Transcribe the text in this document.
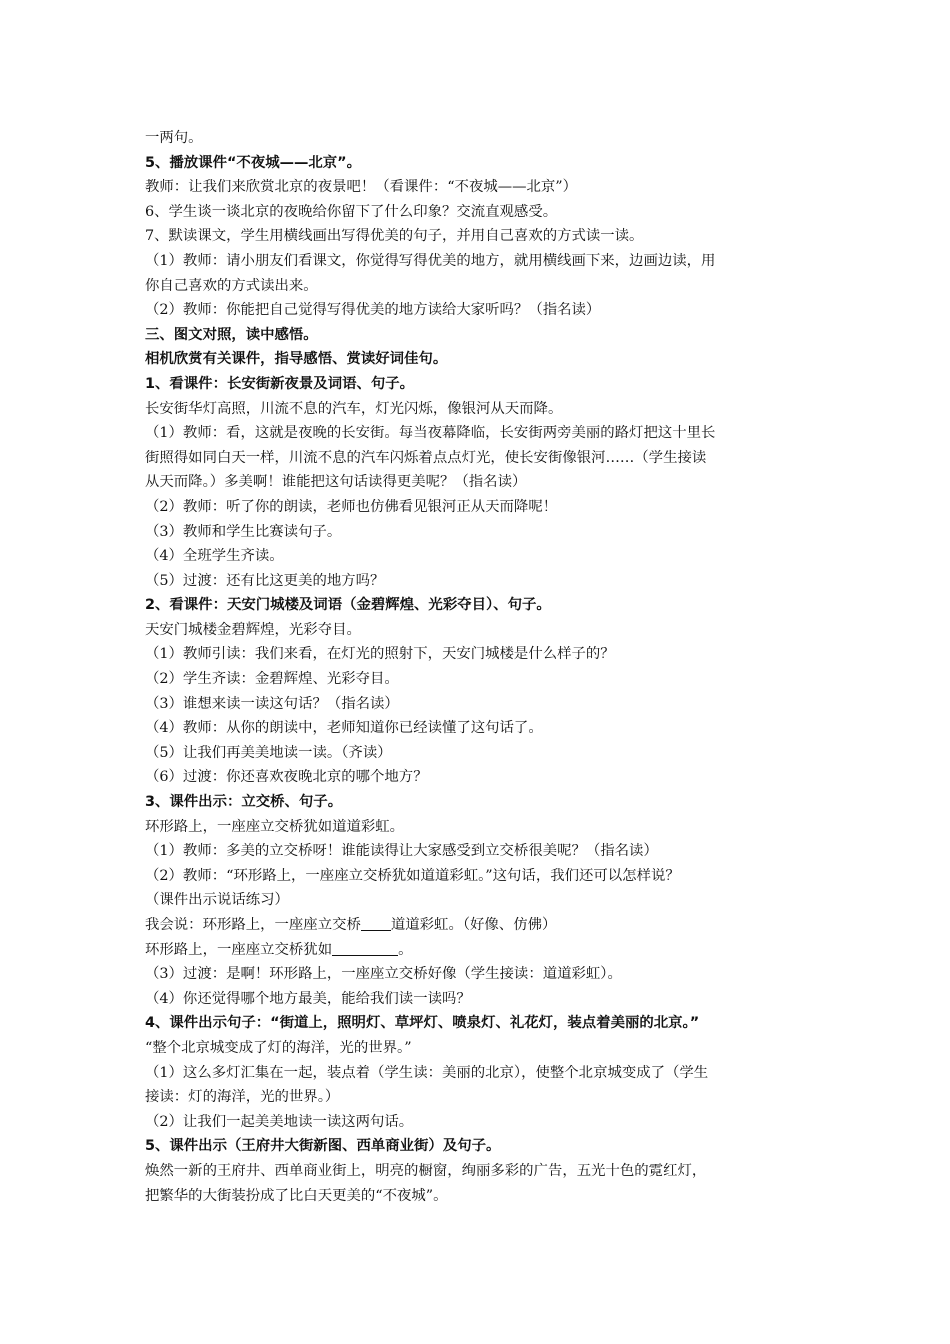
一两句。
5、播放课件“不夜城——北京”。
教师：让我们来欣赏北京的夜景吧！（看课件：“不夜城——北京”）
6、学生谈一谈北京的夜晚给你留下了什么印象？交流直观感受。
7、默读课文，学生用横线画出写得优美的句子，并用自己喜欢的方式读一读。
（1）教师：请小朋友们看课文，你觉得写得优美的地方，就用横线画下来，边画边读，用
你自己喜欢的方式读出来。
（2）教师：你能把自己觉得写得优美的地方读给大家听吗？（指名读）
三、图文对照，读中感悟。
相机欣赏有关课件，指导感悟、赏读好词佳句。
1、看课件：长安街新夜景及词语、句子。
长安街华灯高照，川流不息的汽车，灯光闪烁，像银河从天而降。
（1）教师：看，这就是夜晚的长安街。每当夜幕降临，长安街两旁美丽的路灯把这十里长
街照得如同白天一样，川流不息的汽车闪烁着点点灯光，使长安街像银河……（学生接读
从天而降。）多美啊！谁能把这句话读得更美呢？（指名读）
（2）教师：听了你的朗读，老师也仿佛看见银河正从天而降呢！
（3）教师和学生比赛读句子。
（4）全班学生齐读。
（5）过渡：还有比这更美的地方吗？
2、看课件：天安门城楼及词语（金碧辉煌、光彩夺目）、句子。
天安门城楼金碧辉煌，光彩夺目。
（1）教师引读：我们来看，在灯光的照射下，天安门城楼是什么样子的？
（2）学生齐读：金碧辉煌、光彩夺目。
（3）谁想来读一读这句话？（指名读）
（4）教师：从你的朗读中，老师知道你已经读懂了这句话了。
（5）让我们再美美地读一读。（齐读）
（6）过渡：你还喜欢夜晚北京的哪个地方？
3、课件出示：立交桥、句子。
环形路上，一座座立交桥犹如道道彩虹。
（1）教师：多美的立交桥呀！谁能读得让大家感受到立交桥很美呢？（指名读）
（2）教师：“环形路上，一座座立交桥犹如道道彩虹。”这句话，我们还可以怎样说？
（课件出示说话练习）
我会说：环形路上，一座座立交桥 道道彩虹。（好像、仿佛）
环形路上，一座座立交桥犹如	。
（3）过渡：是啊！环形路上，一座座立交桥好像（学生接读：道道彩虹）。
（4）你还觉得哪个地方最美，能给我们读一读吗？
4、课件出示句子：“街道上，照明灯、草坪灯、喷泉灯、礼花灯，装点着美丽的北京。”
“整个北京城变成了灯的海洋，光的世界。”
（1）这么多灯汇集在一起，装点着（学生读：美丽的北京），使整个北京城变成了（学生
接读：灯的海洋，光的世界。）
（2）让我们一起美美地读一读这两句话。
5、课件出示（王府井大街新图、西单商业街）及句子。
焕然一新的王府井、西单商业街上，明亮的橱窗，绚丽多彩的广告，五光十色的霓红灯，
把繁华的大街装扮成了比白天更美的“不夜城”。
